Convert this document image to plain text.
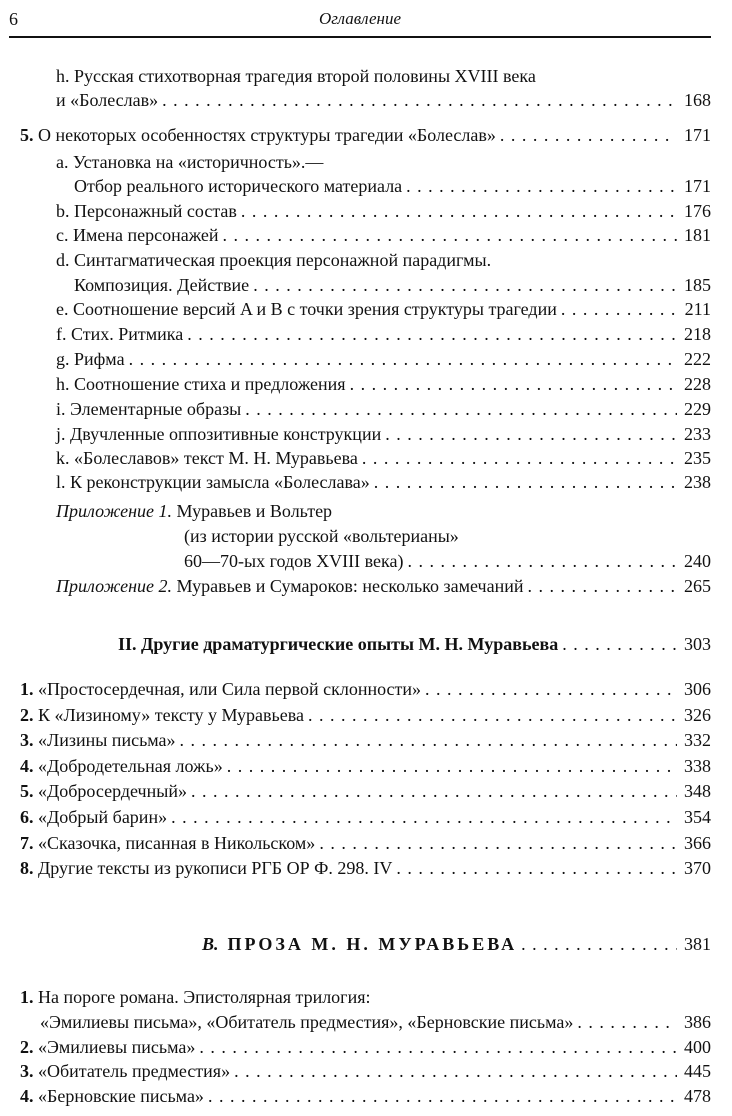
6	Оглавление
h. Русская стихотворная трагедия второй половины XVIII века
и «Болеслав» . . .	168
5. О некоторых особенностях структуры трагедии «Болеслав» . . .	171
a. Установка на «историчность».—
Отбор реального исторического материала . . .	171
b. Персонажный состав . . .	176
c. Имена персонажей . . .	181
d. Синтагматическая проекция персонажной парадигмы.
Композиция. Действие . . .	185
e. Соотношение версий A и B с точки зрения структуры трагедии . . .	211
f. Стих. Ритмика . . .	218
g. Рифма . . .	222
h. Соотношение стиха и предложения . . .	228
i. Элементарные образы . . .	229
j. Двучленные оппозитивные конструкции . . .	233
k. «Болеславов» текст М. Н. Муравьева . . .	235
l. К реконструкции замысла «Болеслава» . . .	238
Приложение 1. Муравьев и Вольтер
(из истории русской «вольтерианы»
60—70-ых годов XVIII века) . . .	240
Приложение 2. Муравьев и Сумароков: несколько замечаний . . .	265
II. Другие драматургические опыты М. Н. Муравьева . . .	303
1. «Простосердечная, или Сила первой склонности» . . .	306
2. К «Лизиному» тексту у Муравьева . . .	326
3. «Лизины письма» . . .	332
4. «Добродетельная ложь» . . .	338
5. «Добросердечный» . . .	348
6. «Добрый барин» . . .	354
7. «Сказочка, писанная в Никольском» . . .	366
8. Другие тексты из рукописи РГБ ОР Ф. 298. IV . . .	370
B. ПРОЗА М. Н. МУРАВЬЕВА . . .	381
1. На пороге романа. Эпистолярная трилогия:
«Эмилиевы письма», «Обитатель предместия», «Берновские письма» . . .	386
2. «Эмилиевы письма» . . .	400
3. «Обитатель предместия» . . .	445
4. «Берновские письма» . . .	478
